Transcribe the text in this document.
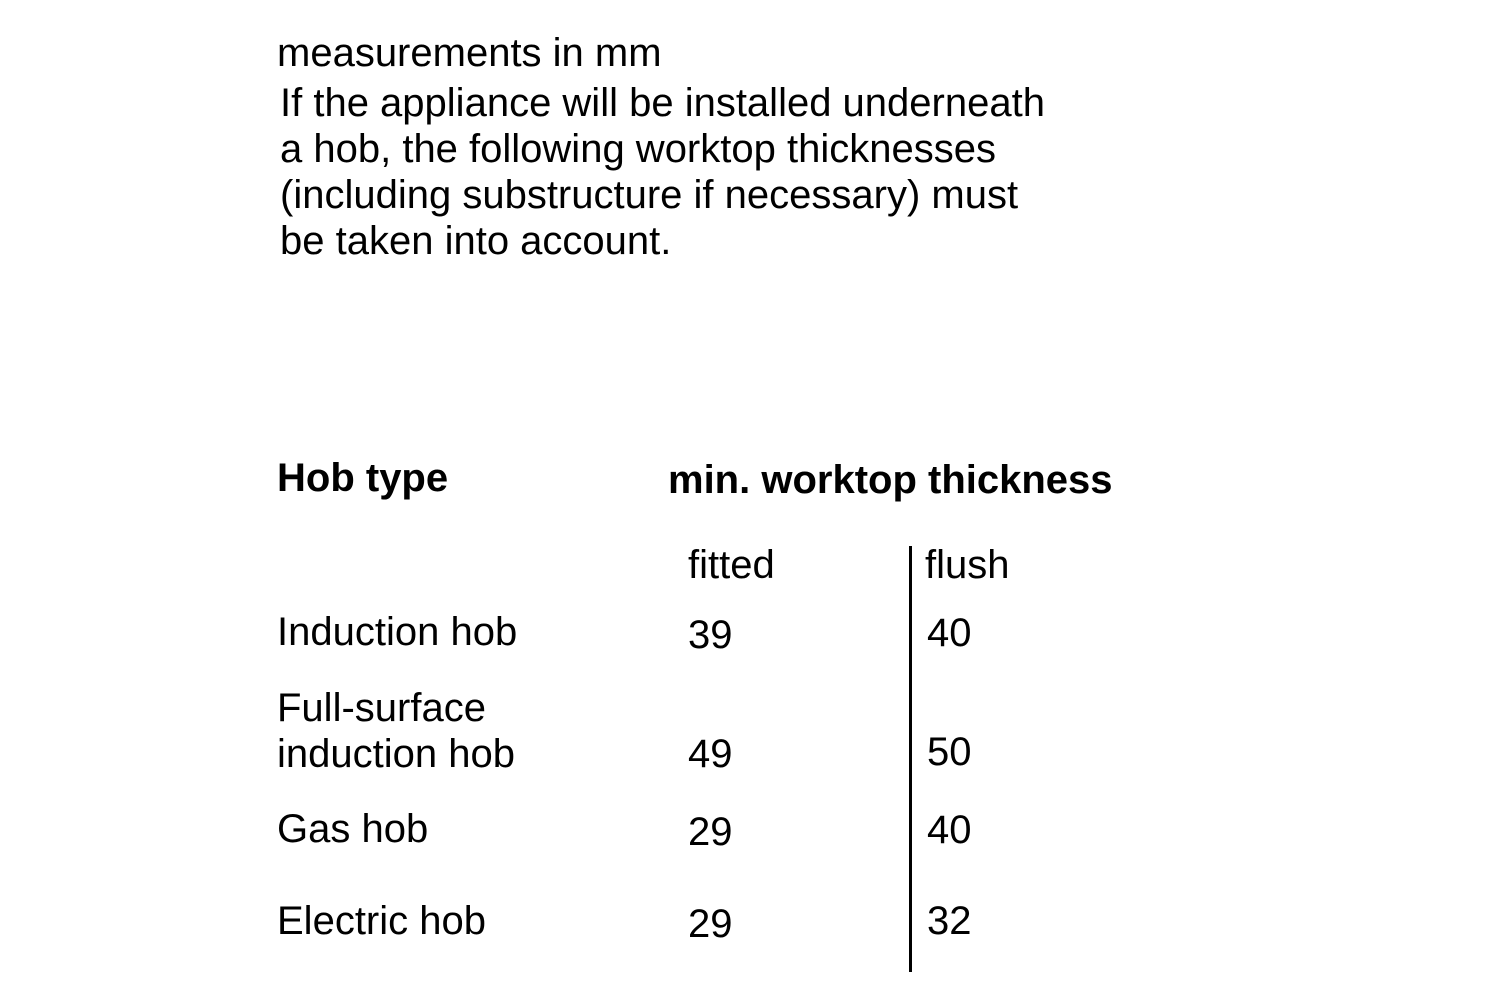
measurements in mm
If the appliance will be installed underneath
a hob, the following worktop thicknesses
(including substructure if necessary) must
be taken into account.
Hob type	min. worktop thickness
fitted	flush
Induction hob	39	40
Full-surface
induction hob	49	50
Gas hob	29	40
Electric hob	29	32
